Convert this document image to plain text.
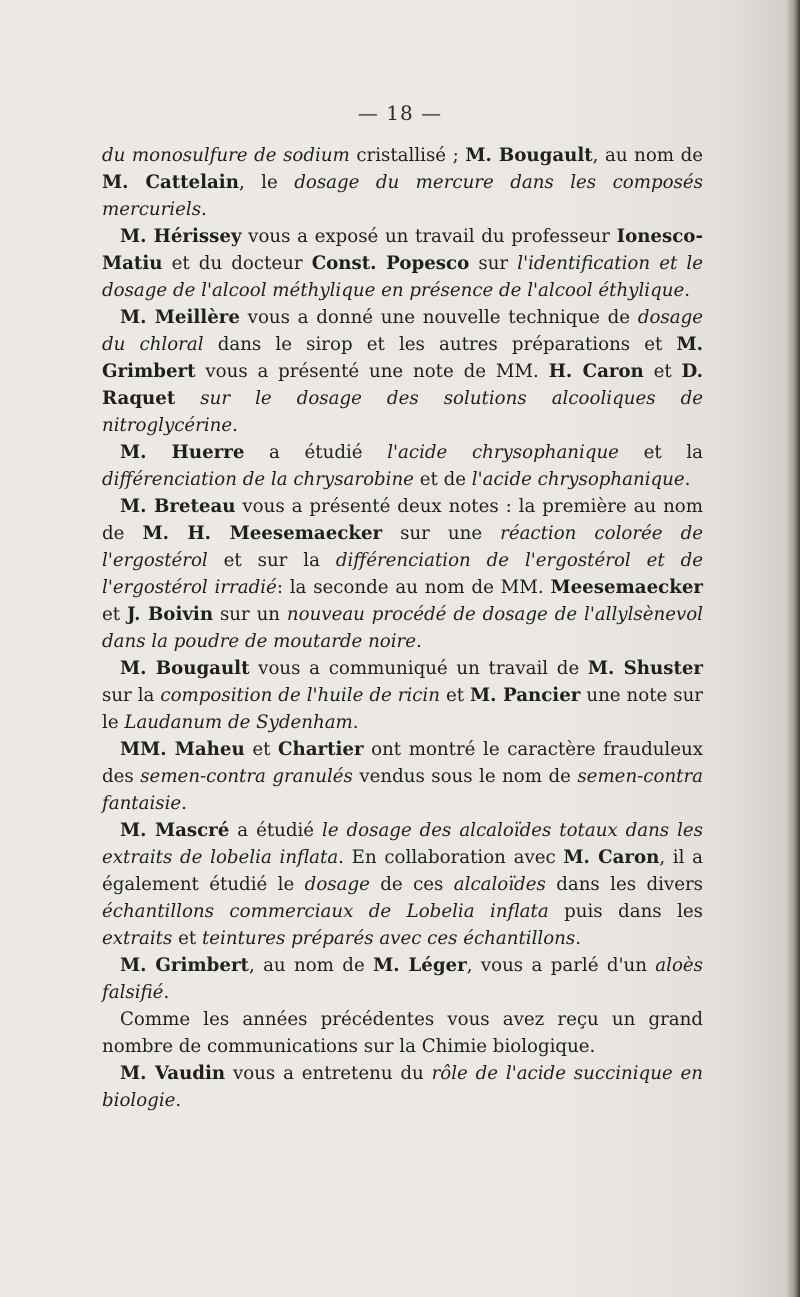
— 18 —

du monosulfure de sodium cristallisé ; M. Bougault, au nom de M. Cattelain, le dosage du mercure dans les composés mercuriels.

M. Hérissey vous a exposé un travail du professeur Ionesco-Matiu et du docteur Const. Popesco sur l'identification et le dosage de l'alcool méthylique en présence de l'alcool éthylique.

M. Meillère vous a donné une nouvelle technique de dosage du chloral dans le sirop et les autres préparations et M. Grimbert vous a présenté une note de MM. H. Caron et D. Raquet sur le dosage des solutions alcooliques de nitroglycérine.

M. Huerre a étudié l'acide chrysophanique et la différenciation de la chrysarobine et de l'acide chrysophanique.

M. Breteau vous a présenté deux notes : la première au nom de M. H. Meesemaecker sur une réaction colorée de l'ergostérol et sur la différenciation de l'ergostérol et de l'ergostérol irradié: la seconde au nom de MM. Meesemaecker et J. Boivin sur un nouveau procédé de dosage de l'allylsènevol dans la poudre de moutarde noire.

M. Bougault vous a communiqué un travail de M. Shuster sur la composition de l'huile de ricin et M. Pancier une note sur le Laudanum de Sydenham.

MM. Maheu et Chartier ont montré le caractère frauduleux des semen-contra granulés vendus sous le nom de semen-contra fantaisie.

M. Mascré a étudié le dosage des alcaloïdes totaux dans les extraits de lobelia inflata. En collaboration avec M. Caron, il a également étudié le dosage de ces alcaloïdes dans les divers échantillons commerciaux de Lobelia inflata puis dans les extraits et teintures préparés avec ces échantillons.

M. Grimbert, au nom de M. Léger, vous a parlé d'un aloès falsifié.

Comme les années précédentes vous avez reçu un grand nombre de communications sur la Chimie biologique.

M. Vaudin vous a entretenu du rôle de l'acide succinique en biologie.
